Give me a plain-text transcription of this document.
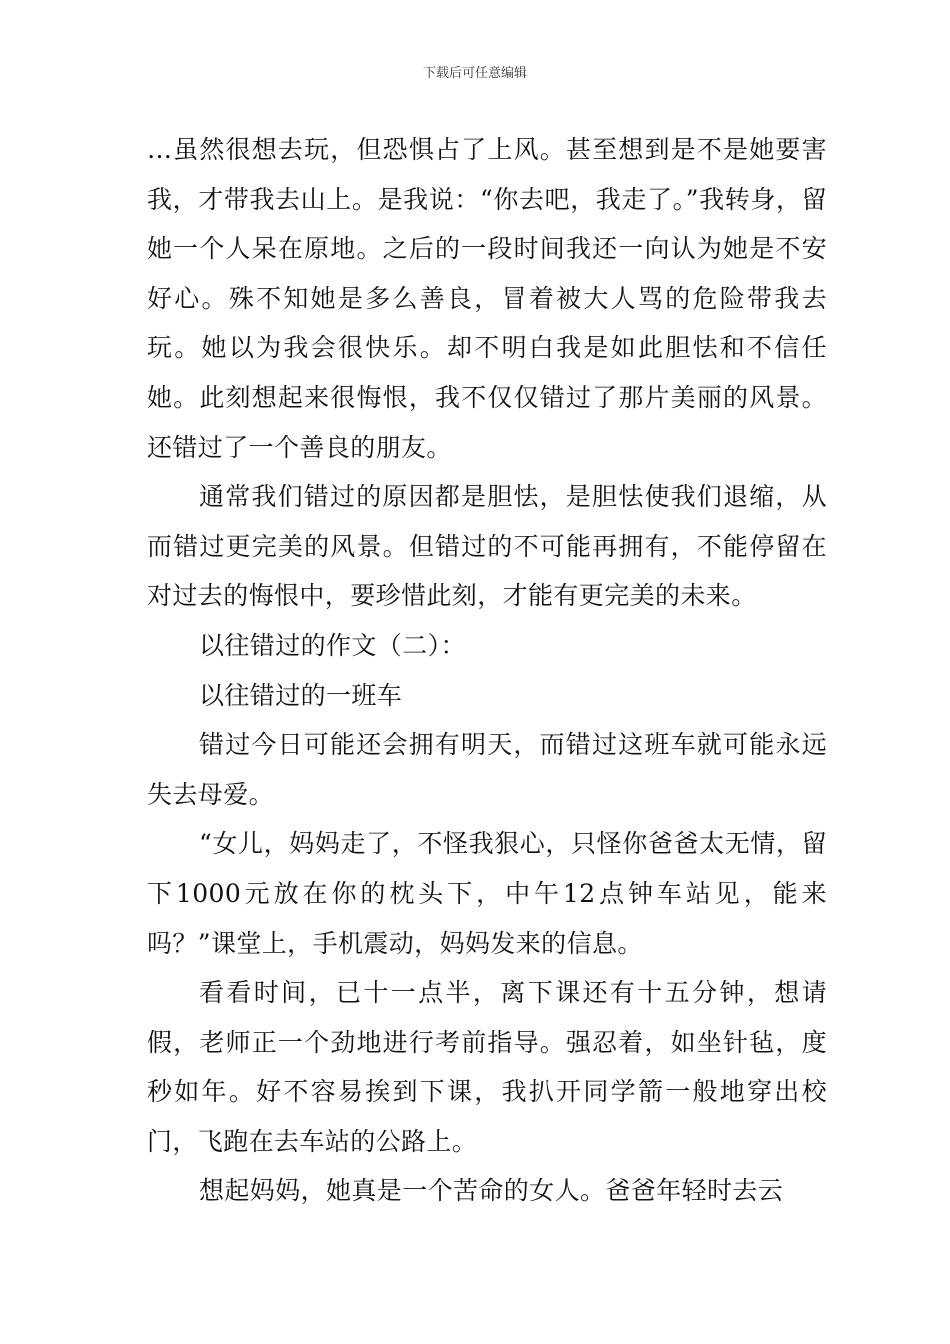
下载后可任意编辑

…虽然很想去玩，但恐惧占了上风。甚至想到是不是她要害我，才带我去山上。是我说：“你去吧，我走了。”我转身，留她一个人呆在原地。之后的一段时间我还一向认为她是不安好心。殊不知她是多么善良，冒着被大人骂的危险带我去玩。她以为我会很快乐。却不明白我是如此胆怯和不信任她。此刻想起来很悔恨，我不仅仅错过了那片美丽的风景。还错过了一个善良的朋友。

通常我们错过的原因都是胆怯，是胆怯使我们退缩，从而错过更完美的风景。但错过的不可能再拥有，不能停留在对过去的悔恨中，要珍惜此刻，才能有更完美的未来。

以往错过的作文（二）：

以往错过的一班车

错过今日可能还会拥有明天，而错过这班车就可能永远失去母爱。

“女儿，妈妈走了，不怪我狠心，只怪你爸爸太无情，留下1000元放在你的枕头下，中午12点钟车站见，能来吗？”课堂上，手机震动，妈妈发来的信息。

看看时间，已十一点半，离下课还有十五分钟，想请假，老师正一个劲地进行考前指导。强忍着，如坐针毡，度秒如年。好不容易挨到下课，我扒开同学箭一般地穿出校门，飞跑在去车站的公路上。

想起妈妈，她真是一个苦命的女人。爸爸年轻时去云
